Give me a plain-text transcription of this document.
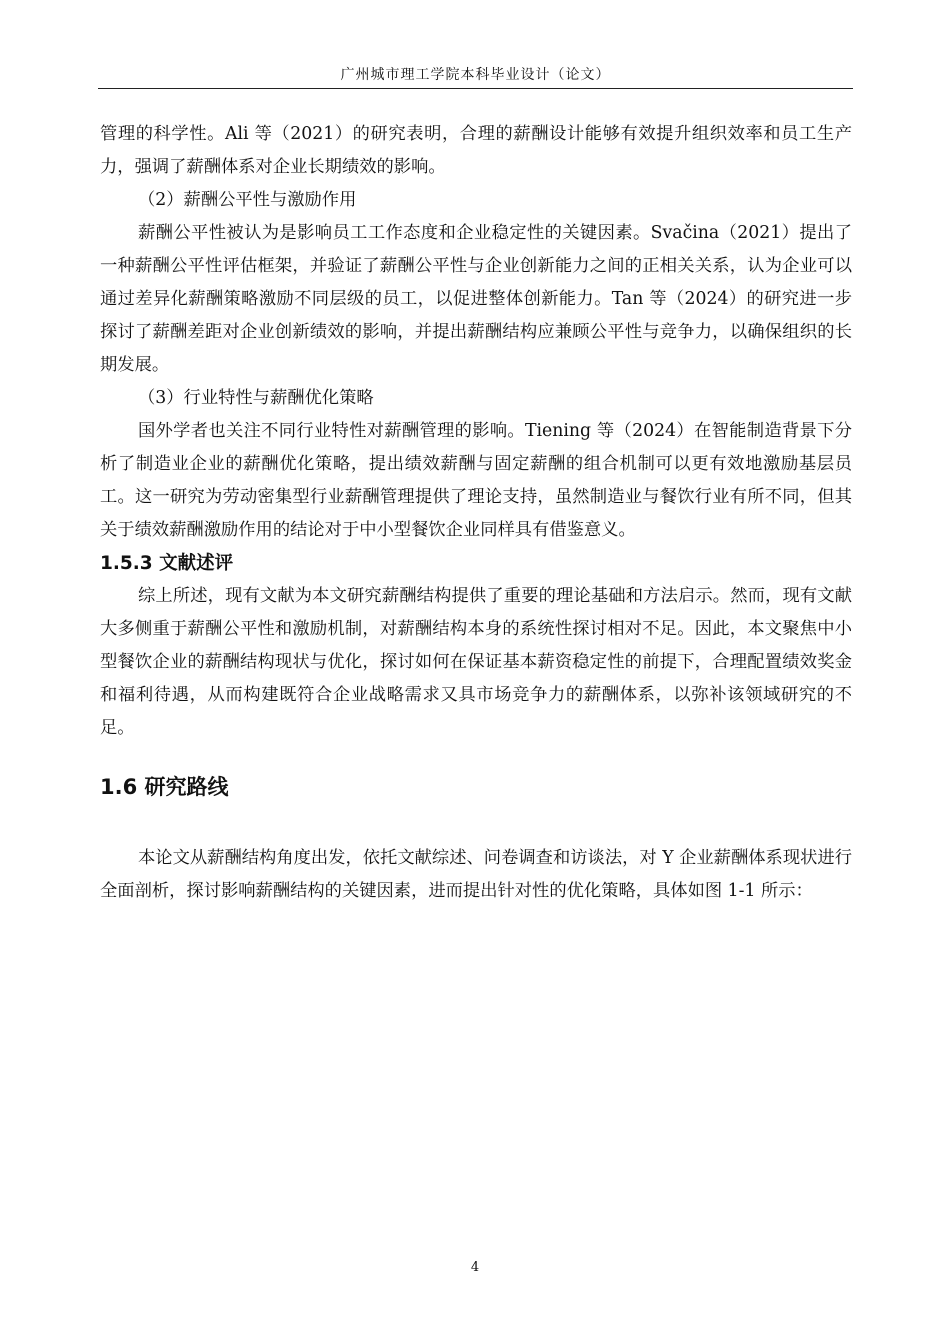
广州城市理工学院本科毕业设计（论文）

管理的科学性。Ali 等（2021）的研究表明，合理的薪酬设计能够有效提升组织效率和员工生产力，强调了薪酬体系对企业长期绩效的影响。

（2）薪酬公平性与激励作用

薪酬公平性被认为是影响员工工作态度和企业稳定性的关键因素。Svačina（2021）提出了一种薪酬公平性评估框架，并验证了薪酬公平性与企业创新能力之间的正相关关系，认为企业可以通过差异化薪酬策略激励不同层级的员工，以促进整体创新能力。Tan 等（2024）的研究进一步探讨了薪酬差距对企业创新绩效的影响，并提出薪酬结构应兼顾公平性与竞争力，以确保组织的长期发展。

（3）行业特性与薪酬优化策略

国外学者也关注不同行业特性对薪酬管理的影响。Tiening 等（2024）在智能制造背景下分析了制造业企业的薪酬优化策略，提出绩效薪酬与固定薪酬的组合机制可以更有效地激励基层员工。这一研究为劳动密集型行业薪酬管理提供了理论支持，虽然制造业与餐饮行业有所不同，但其关于绩效薪酬激励作用的结论对于中小型餐饮企业同样具有借鉴意义。

1.5.3 文献述评

综上所述，现有文献为本文研究薪酬结构提供了重要的理论基础和方法启示。然而，现有文献大多侧重于薪酬公平性和激励机制，对薪酬结构本身的系统性探讨相对不足。因此，本文聚焦中小型餐饮企业的薪酬结构现状与优化，探讨如何在保证基本薪资稳定性的前提下，合理配置绩效奖金和福利待遇，从而构建既符合企业战略需求又具市场竞争力的薪酬体系，以弥补该领域研究的不足。

1.6 研究路线

本论文从薪酬结构角度出发，依托文献综述、问卷调查和访谈法，对 Y 企业薪酬体系现状进行全面剖析，探讨影响薪酬结构的关键因素，进而提出针对性的优化策略，具体如图 1-1 所示：

4
